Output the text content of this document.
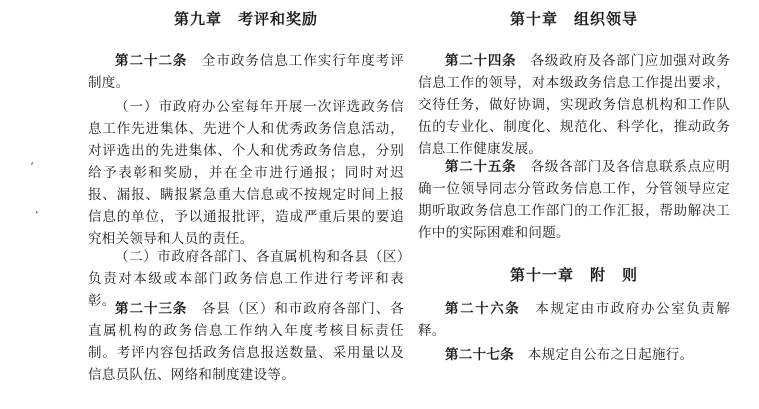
ʻ
˛
第九章　考评和奖励

第二十二条　全市政务信息工作实行年度考评制度。

（一）市政府办公室每年开展一次评选政务信息工作先进集体、先进个人和优秀政务信息活动，对评选出的先进集体、个人和优秀政务信息，分别给予表彰和奖励，并在全市进行通报；同时对迟报、漏报、瞒报紧急重大信息或不按规定时间上报信息的单位，予以通报批评，造成严重后果的要追究相关领导和人员的责任。

（二）市政府各部门、各直属机构和各县（区）负责对本级或本部门政务信息工作进行考评和表彰。 第二十三条　各县（区）和市政府各部门、各直属机构的政务信息工作纳入年度考核目标责任制。考评内容包括政务信息报送数量、采用量以及信息员队伍、网络和制度建设等。

第十章　组织领导

第二十四条　各级政府及各部门应加强对政务信息工作的领导，对本级政务信息工作提出要求，交待任务，做好协调，实现政务信息机构和工作队伍的专业化、制度化、规范化、科学化，推动政务信息工作健康发展。

第二十五条　各级各部门及各信息联系点应明确一位领导同志分管政务信息工作，分管领导应定期听取政务信息工作部门的工作汇报，帮助解决工作中的实际困难和问题。

第十一章　附　则

第二十六条　本规定由市政府办公室负责解释。

第二十七条　本规定自公布之日起施行。
